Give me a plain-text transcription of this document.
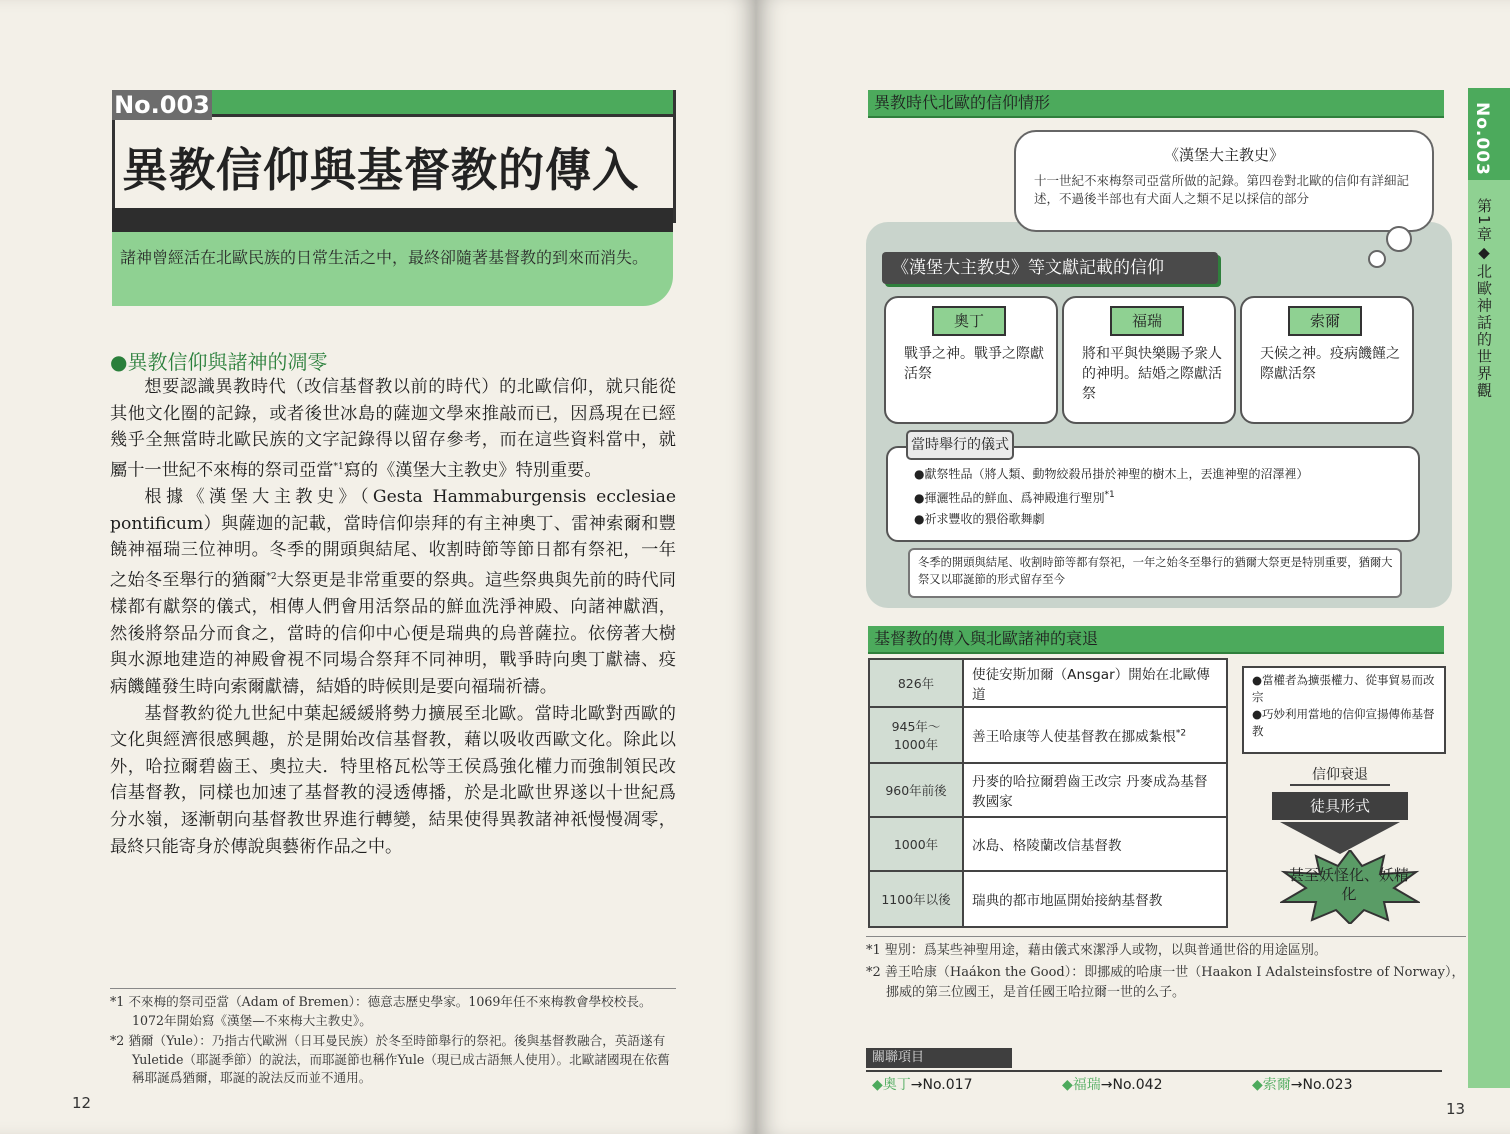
No.003
異教信仰與基督教的傳入
諸神曾經活在北歐民族的日常生活之中，最終卻隨著基督教的到來而消失。
●異教信仰與諸神的凋零

想要認識異教時代（改信基督教以前的時代）的北歐信仰，就只能從其他文化圈的記錄，或者後世冰島的薩迦文學來推敲而已，因爲現在已經幾乎全無當時北歐民族的文字記錄得以留存參考，而在這些資料當中，就屬十一世紀不來梅的祭司亞當$^{*1}$寫的《漢堡大主教史》特別重要。

根據《漢堡大主教史》（Gesta Hammaburgensis ecclesiae pontificum）與薩迦的記載，當時信仰崇拜的有主神奧丁、雷神索爾和豐饒神福瑞三位神明。冬季的開頭與結尾、收割時節等節日都有祭祀，一年之始冬至舉行的猶爾$^{*2}$大祭更是非常重要的祭典。這些祭典與先前的時代同樣都有獻祭的儀式，相傳人們會用活祭品的鮮血洗淨神殿、向諸神獻酒，然後將祭品分而食之，當時的信仰中心便是瑞典的烏普薩拉。依傍著大樹與水源地建造的神殿會視不同場合祭拜不同神明，戰爭時向奧丁獻禱、疫病饑饉發生時向索爾獻禱，結婚的時候則是要向福瑞祈禱。

基督教約從九世紀中葉起緩緩將勢力擴展至北歐。當時北歐對西歐的文化與經濟很感興趣，於是開始改信基督教，藉以吸收西歐文化。除此以外，哈拉爾碧齒王、奧拉夫．特里格瓦松等王侯爲強化權力而強制領民改信基督教，同樣也加速了基督教的浸透傳播，於是北歐世界遂以十世紀爲分水嶺，逐漸朝向基督教世界進行轉變，結果使得異教諸神祇慢慢凋零，最終只能寄身於傳說與藝術作品之中。

*1 不來梅的祭司亞當（Adam of Bremen）：德意志歷史學家。1069年任不來梅教會學校校長。1072年開始寫《漢堡—不來梅大主教史》。
*2 猶爾（Yule）：乃指古代歐洲（日耳曼民族）於冬至時節舉行的祭祀。後與基督教融合，英語遂有Yuletide（耶誕季節）的說法，而耶誕節也稱作Yule（現已成古語無人使用）。北歐諸國現在依舊稱耶誕爲猶爾，耶誕的說法反而並不通用。
12
No.003
第1章◆北歐神話的世界觀
異教時代北歐的信仰情形
《漢堡大主教史》
十一世紀不來梅祭司亞當所做的記錄。第四卷對北歐的信仰有詳細記述，不過後半部也有犬面人之類不足以採信的部分
《漢堡大主教史》等文獻記載的信仰
奧丁
戰爭之神。戰爭之際獻活祭
福瑞
將和平與快樂賜予衆人的神明。結婚之際獻活祭
索爾
天候之神。疫病饑饉之際獻活祭
當時舉行的儀式
●獻祭牲品（將人類、動物絞殺吊掛於神聖的樹木上，丟進神聖的沼澤裡）
●揮灑牲品的鮮血、爲神殿進行聖別$^{*1}$
●祈求豐收的猥俗歌舞劇
冬季的開頭與結尾、收割時節等都有祭祀，一年之始冬至舉行的猶爾大祭更是特別重要，猶爾大祭又以耶誕節的形式留存至今
基督教的傳入與北歐諸神的衰退
826年	使徒安斯加爾（Ansgar）開始在北歐傳道
945年～1000年	善王哈康等人使基督教在挪威紮根$^{*2}$
960年前後	丹麥的哈拉爾碧齒王改宗 丹麥成為基督教國家
1000年	冰島、格陵蘭改信基督教
1100年以後	瑞典的都市地區開始接納基督教
●當權者為擴張權力、從事貿易而改宗
●巧妙利用當地的信仰宣揚傳佈基督教
信仰衰退
徒具形式
甚至妖怪化、妖精化
*1 聖別：爲某些神聖用途，藉由儀式來潔淨人或物，以與普通世俗的用途區別。
*2 善王哈康（Haákon the Good）：即挪威的哈康一世（Haakon I Adalsteinsfostre of Norway），挪威的第三位國王，是首任國王哈拉爾一世的么子。
關聯項目
◆奧丁→No.017	◆福瑞→No.042	◆索爾→No.023
13
